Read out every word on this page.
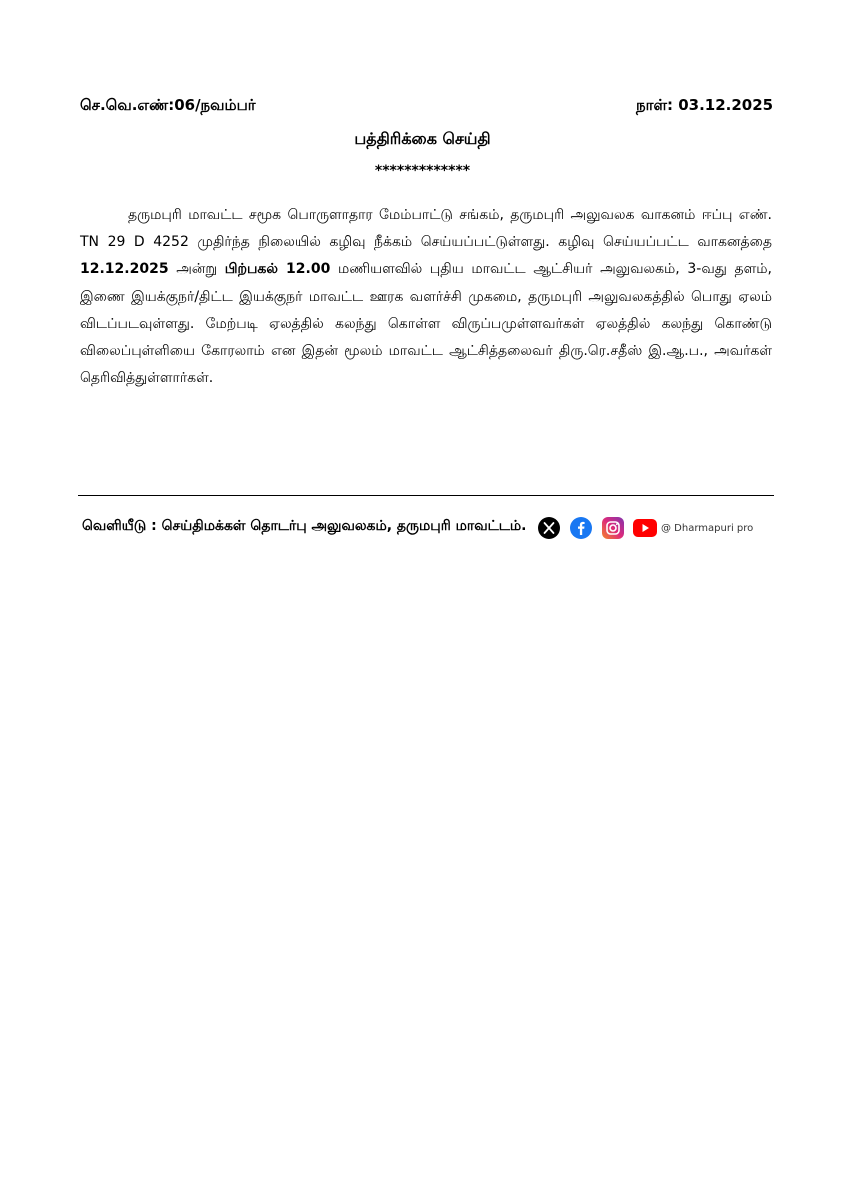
செ.வெ.எண்:06/நவம்பர்	நாள்: 03.12.2025
பத்திரிக்கை செய்தி
*************

தருமபுரி மாவட்ட சமூக பொருளாதார மேம்பாட்டு சங்கம், தருமபுரி அலுவலக வாகனம் ஈப்பு எண். TN 29 D 4252 முதிர்ந்த நிலையில் கழிவு நீக்கம் செய்யப்பட்டுள்ளது. கழிவு செய்யப்பட்ட வாகனத்தை 12.12.2025 அன்று பிற்பகல் 12.00 மணியளவில் புதிய மாவட்ட ஆட்சியர் அலுவலகம், 3-வது தளம், இணை இயக்குநர்/திட்ட இயக்குநர் மாவட்ட ஊரக வளர்ச்சி முகமை, தருமபுரி அலுவலகத்தில் பொது ஏலம் விடப்படவுள்ளது. மேற்படி ஏலத்தில் கலந்து கொள்ள விருப்பமுள்ளவர்கள் ஏலத்தில் கலந்து கொண்டு விலைப்புள்ளியை கோரலாம் என இதன் மூலம் மாவட்ட ஆட்சித்தலைவர் திரு.ரெ.சதீஸ் இ.ஆ.ப., அவர்கள் தெரிவித்துள்ளார்கள்.

வெளியீடு : செய்திமக்கள் தொடர்பு அலுவலகம், தருமபுரி மாவட்டம்.	@ Dharmapuri pro
